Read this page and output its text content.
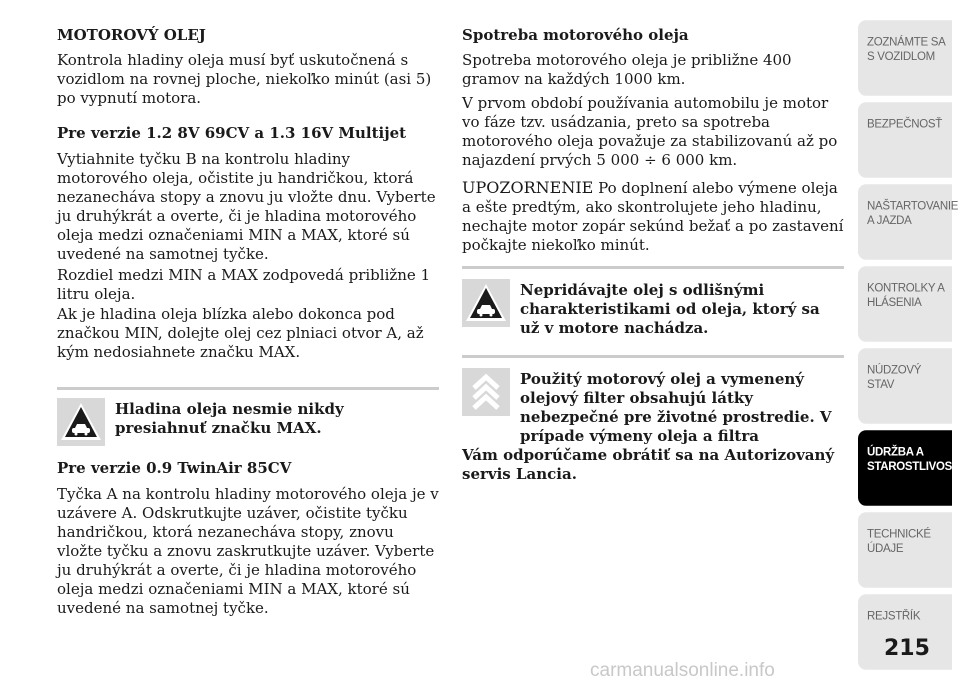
MOTOROVÝ OLEJ

Kontrola hladiny oleja musí byť uskutočnená s vozidlom na rovnej ploche, niekoľko minút (asi 5) po vypnutí motora.

Pre verzie 1.2 8V 69CV a 1.3 16V Multijet

Vytiahnite tyčku B na kontrolu hladiny motorového oleja, očistite ju handričkou, ktorá nezanecháva stopy a znovu ju vložte dnu. Vyberte ju druhýkrát a overte, či je hladina motorového oleja medzi označeniami MIN a MAX, ktoré sú uvedené na samotnej tyčke.

Rozdiel medzi MIN a MAX zodpovedá približne 1 litru oleja.

Ak je hladina oleja blízka alebo dokonca pod značkou MIN, dolejte olej cez plniaci otvor A, až kým nedosiahnete značku MAX.

Pre verzie 0.9 TwinAir 85CV

Tyčka A na kontrolu hladiny motorového oleja je v uzávere A. Odskrutkujte uzáver, očistite tyčku handričkou, ktorá nezanecháva stopy, znovu vložte tyčku a znovu zaskrutkujte uzáver. Vyberte ju druhýkrát a overte, či je hladina motorového oleja medzi označeniami MIN a MAX, ktoré sú uvedené na samotnej tyčke.

Hladina oleja nesmie nikdy presiahnuť značku MAX.
Spotreba motorového oleja

Spotreba motorového oleja je približne 400 gramov na každých 1000 km.

V prvom období používania automobilu je motor vo fáze tzv. usádzania, preto sa spotreba motorového oleja považuje za stabilizovanú až po najazdení prvých 5 000 ÷ 6 000 km.

UPOZORNENIE Po doplnení alebo výmene oleja a ešte predtým, ako skontrolujete jeho hladinu, nechajte motor zopár sekúnd bežať a po zastavení počkajte niekoľko minút.

Nepridávajte olej s odlišnými charakteristikami od oleja, ktorý sa už v motore nachádza.
Použitý motorový olej a vymenený olejový filter obsahujú látky nebezpečné pre životné prostredie. V prípade výmeny oleja a filtra
Vám odporúčame obrátiť sa na Autorizovaný servis Lancia.
ZOZNÁMTE SA S VOZIDLOM
BEZPEČNOSŤ
NAŠTARTOVANIE A JAZDA
KONTROLKY A HLÁSENIA
NÚDZOVÝ STAV
ÚDRŽBA A STAROSTLIVOSŤ
TECHNICKÉ ÚDAJE
REJSTŘÍK
215
carmanualsonline.info
